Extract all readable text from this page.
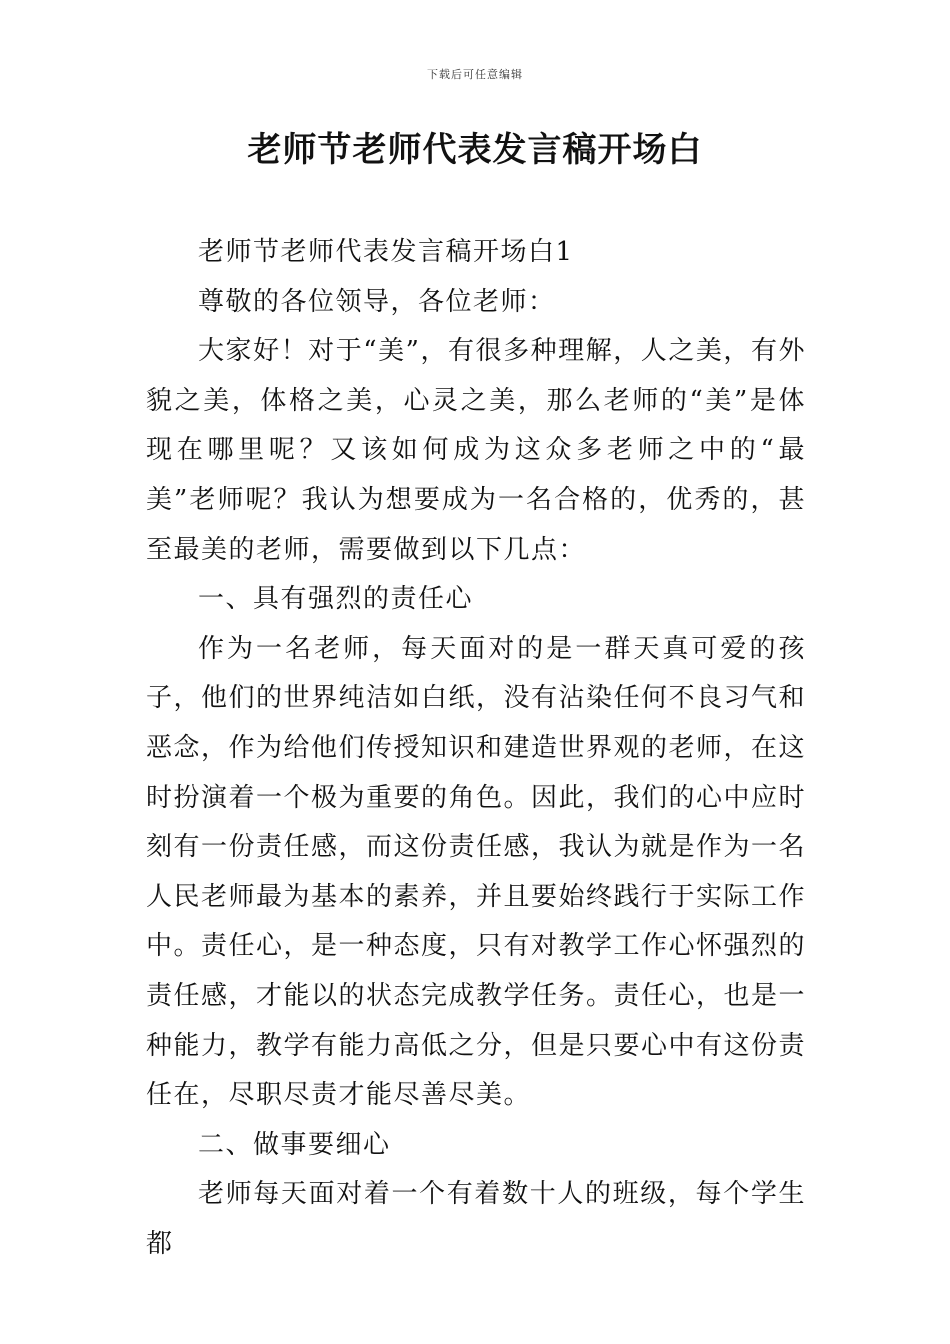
下载后可任意编辑
老师节老师代表发言稿开场白

老师节老师代表发言稿开场白1

尊敬的各位领导，各位老师：

大家好！对于“美”，有很多种理解，人之美，有外貌之美，体格之美，心灵之美，那么老师的“美”是体现在哪里呢？又该如何成为这众多老师之中的“最美”老师呢？我认为想要成为一名合格的，优秀的，甚至最美的老师，需要做到以下几点：

一、具有强烈的责任心

作为一名老师，每天面对的是一群天真可爱的孩子，他们的世界纯洁如白纸，没有沾染任何不良习气和恶念，作为给他们传授知识和建造世界观的老师，在这时扮演着一个极为重要的角色。因此，我们的心中应时刻有一份责任感，而这份责任感，我认为就是作为一名人民老师最为基本的素养，并且要始终践行于实际工作中。责任心，是一种态度，只有对教学工作心怀强烈的责任感，才能以的状态完成教学任务。责任心，也是一种能力，教学有能力高低之分，但是只要心中有这份责任在，尽职尽责才能尽善尽美。

二、做事要细心

老师每天面对着一个有着数十人的班级，每个学生都
